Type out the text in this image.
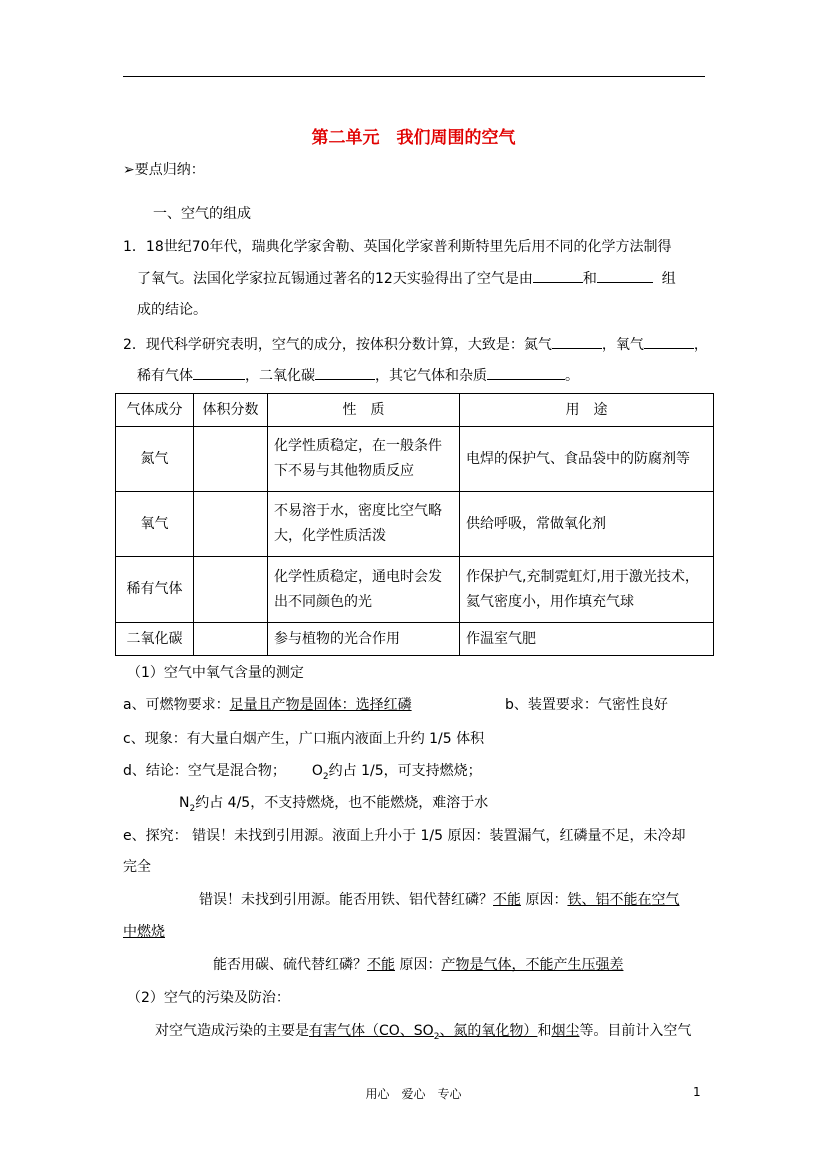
第二单元　我们周围的空气
➢要点归纳：
一、空气的组成
1．18世纪70年代，瑞典化学家舍勒、英国化学家普利斯特里先后用不同的化学方法制得
了氧气。法国化学家拉瓦锡通过著名的12天实验得出了空气是由	和	组
成的结论。
2．现代科学研究表明，空气的成分，按体积分数计算，大致是：氮气	，氧气	，
稀有气体	，二氧化碳	，其它气体和杂质	。
气体成分	体积分数	性　质	用　途
氮气		化学性质稳定，在一般条件下不易与其他物质反应	电焊的保护气、食品袋中的防腐剂等
氧气		不易溶于水，密度比空气略大，化学性质活泼	供给呼吸，常做氧化剂
稀有气体		化学性质稳定，通电时会发出不同颜色的光	作保护气,充制霓虹灯,用于激光技术，氦气密度小，用作填充气球
二氧化碳		参与植物的光合作用	作温室气肥
（1）空气中氧气含量的测定
a、可燃物要求：足量且产物是固体：选择红磷	b、装置要求：气密性良好
c、现象：有大量白烟产生，广口瓶内液面上升约 1/5 体积
d、结论：空气是混合物； $O_2$约占 1/5，可支持燃烧；
$N_2$约占 4/5，不支持燃烧，也不能燃烧，难溶于水
e、探究： 错误！未找到引用源。液面上升小于 1/5 原因：装置漏气，红磷量不足，未冷却
完全
错误！未找到引用源。能否用铁、铝代替红磷？不能 原因：铁、铝不能在空气
中燃烧
能否用碳、硫代替红磷？不能 原因：产物是气体，不能产生压强差
（2）空气的污染及防治：
对空气造成污染的主要是有害气体（CO、$SO_2$、氮的氧化物）和烟尘等。目前计入空气
用心　爱心　专心	1
